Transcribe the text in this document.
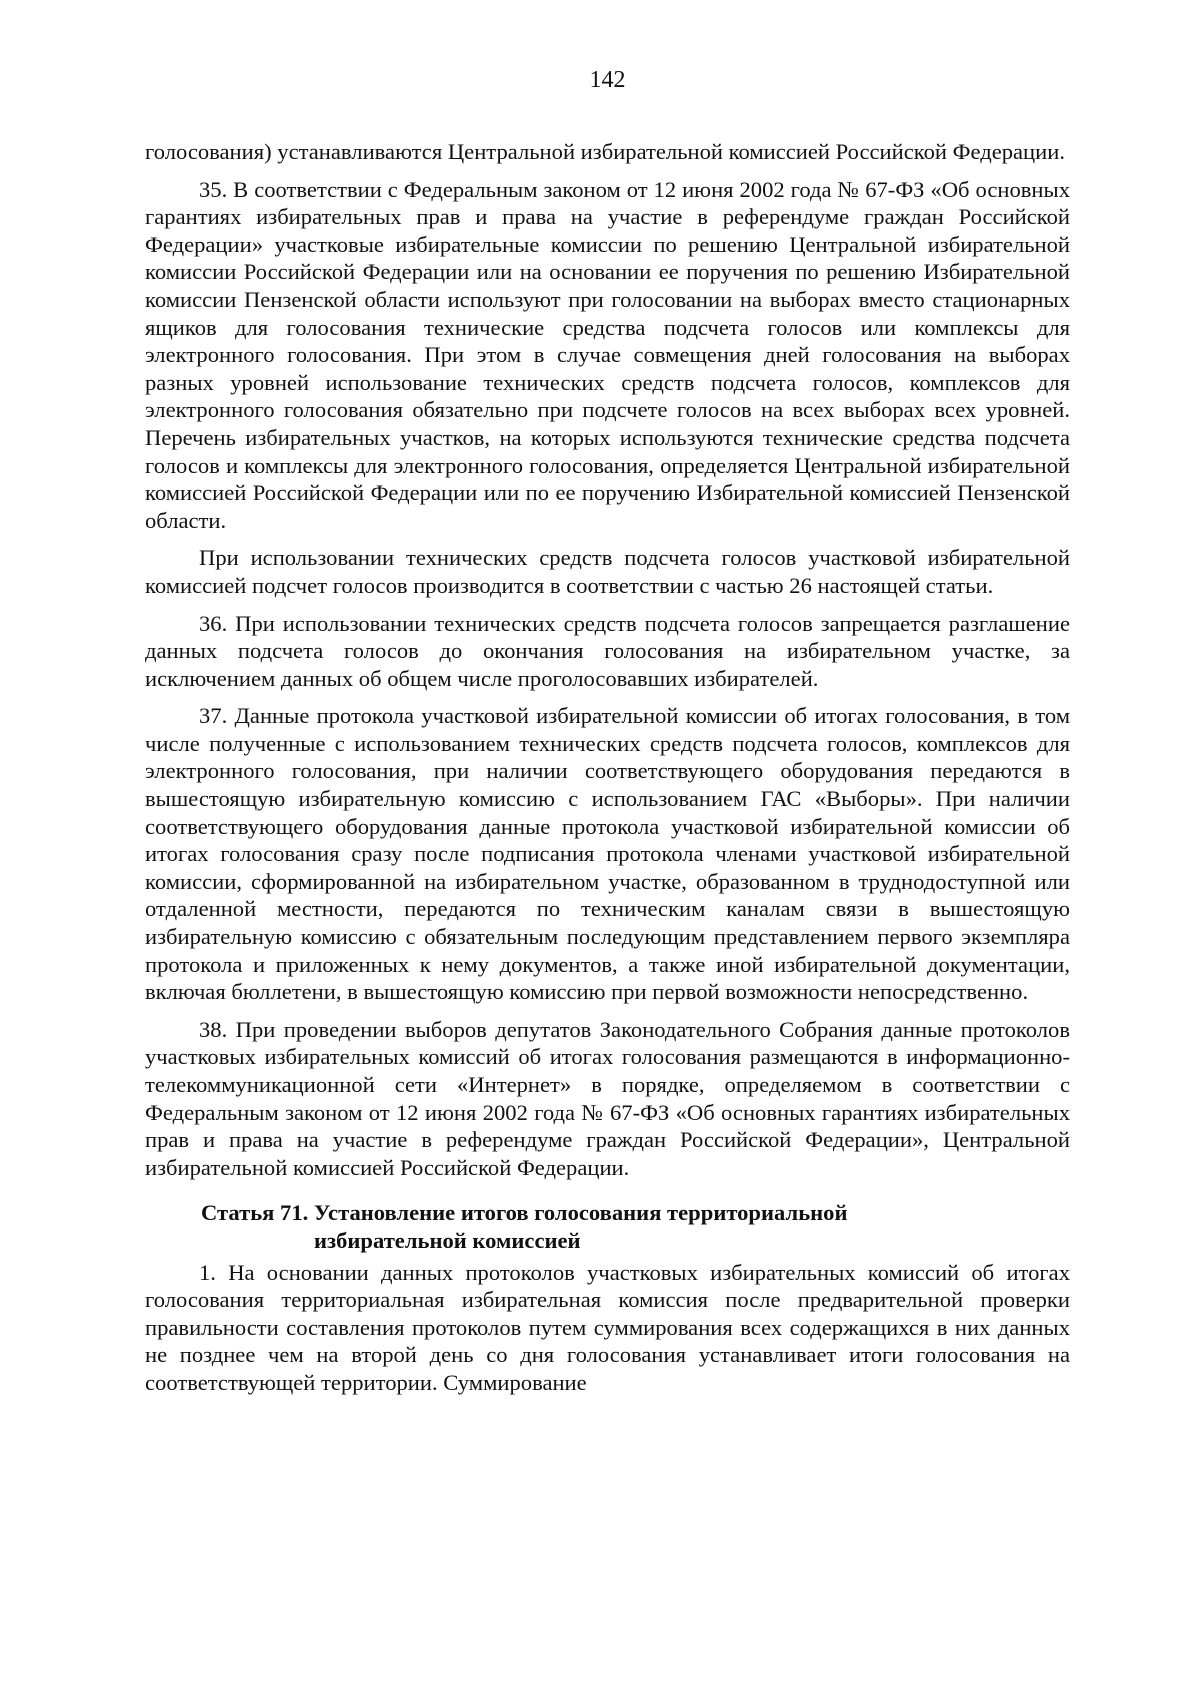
142

голосования) устанавливаются Центральной избирательной комиссией Российской Федерации.

35. В соответствии с Федеральным законом от 12 июня 2002 года № 67-ФЗ «Об основных гарантиях избирательных прав и права на участие в референдуме граждан Российской Федерации» участковые избирательные комиссии по решению Центральной избирательной комиссии Российской Федерации или на основании ее поручения по решению Избирательной комиссии Пензенской области используют при голосовании на выборах вместо стационарных ящиков для голосования технические средства подсчета голосов или комплексы для электронного голосования. При этом в случае совмещения дней голосования на выборах разных уровней использование технических средств подсчета голосов, комплексов для электронного голосования обязательно при подсчете голосов на всех выборах всех уровней. Перечень избирательных участков, на которых используются технические средства подсчета голосов и комплексы для электронного голосования, определяется Центральной избирательной комиссией Российской Федерации или по ее поручению Избирательной комиссией Пензенской области.

При использовании технических средств подсчета голосов участковой избирательной комиссией подсчет голосов производится в соответствии с частью 26 настоящей статьи.

36. При использовании технических средств подсчета голосов запрещается разглашение данных подсчета голосов до окончания голосования на избирательном участке, за исключением данных об общем числе проголосовавших избирателей.

37. Данные протокола участковой избирательной комиссии об итогах голосования, в том числе полученные с использованием технических средств подсчета голосов, комплексов для электронного голосования, при наличии соответствующего оборудования передаются в вышестоящую избирательную комиссию с использованием ГАС «Выборы». При наличии соответствующего оборудования данные протокола участковой избирательной комиссии об итогах голосования сразу после подписания протокола членами участковой избирательной комиссии, сформированной на избирательном участке, образованном в труднодоступной или отдаленной местности, передаются по техническим каналам связи в вышестоящую избирательную комиссию с обязательным последующим представлением первого экземпляра протокола и приложенных к нему документов, а также иной избирательной документации, включая бюллетени, в вышестоящую комиссию при первой возможности непосредственно.

38. При проведении выборов депутатов Законодательного Собрания данные протоколов участковых избирательных комиссий об итогах голосования размещаются в информационно-телекоммуникационной сети «Интернет» в порядке, определяемом в соответствии с Федеральным законом от 12 июня 2002 года № 67-ФЗ «Об основных гарантиях избирательных прав и права на участие в референдуме граждан Российской Федерации», Центральной избирательной комиссией Российской Федерации.

Статья 71. Установление итогов голосования территориальной
избирательной комиссией

1. На основании данных протоколов участковых избирательных комиссий об итогах голосования территориальная избирательная комиссия после предварительной проверки правильности составления протоколов путем суммирования всех содержащихся в них данных не позднее чем на второй день со дня голосования устанавливает итоги голосования на соответствующей территории. Суммирование
